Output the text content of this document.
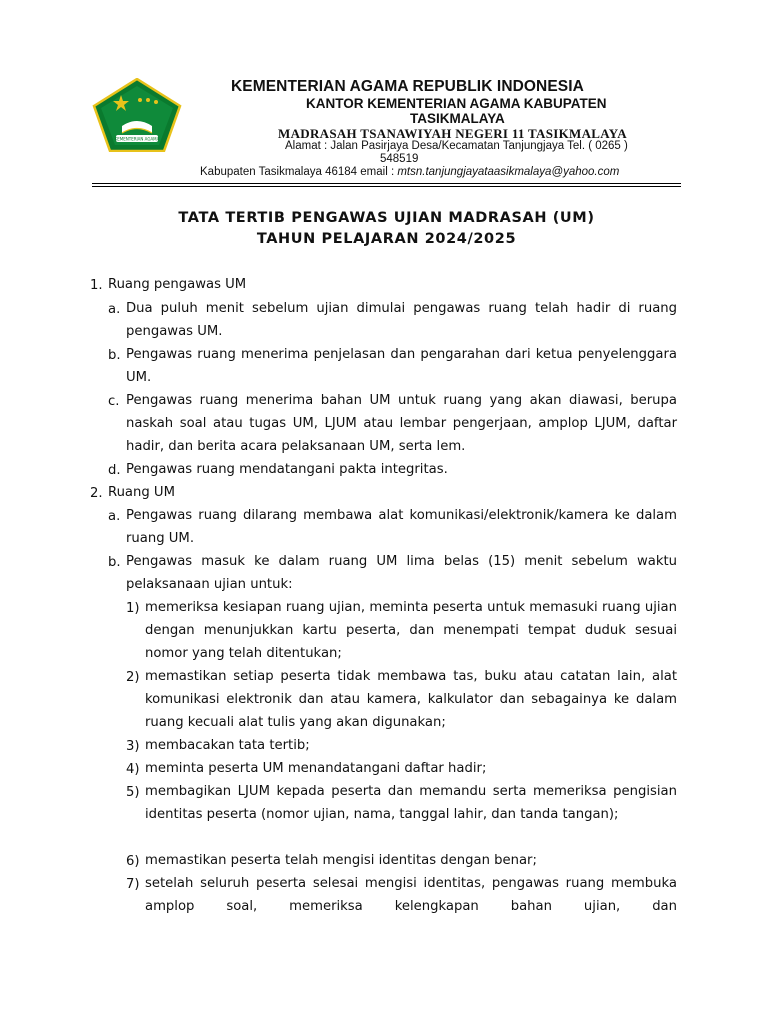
KEMENTERIAN AGAMA
KEMENTERIAN AGAMA REPUBLIK INDONESIA
KANTOR KEMENTERIAN AGAMA KABUPATEN
TASIKMALAYA
MADRASAH TSANAWIYAH NEGERI 11 TASIKMALAYA
Alamat : Jalan Pasirjaya Desa/Kecamatan Tanjungjaya Tel. ( 0265 )
548519
Kabupaten Tasikmalaya 46184 email : mtsn.tanjungjayataasikmalaya@yahoo.com
TATA TERTIB PENGAWAS UJIAN MADRASAH (UM)
TAHUN PELAJARAN 2024/2025
1. Ruang pengawas UM
a. Dua puluh menit sebelum ujian dimulai pengawas ruang telah hadir di ruang pengawas UM.
b. Pengawas ruang menerima penjelasan dan pengarahan dari ketua penyelenggara UM.
c. Pengawas ruang menerima bahan UM untuk ruang yang akan diawasi, berupa naskah soal atau tugas UM, LJUM atau lembar pengerjaan, amplop LJUM, daftar hadir, dan berita acara pelaksanaan UM, serta lem.
d. Pengawas ruang mendatangani pakta integritas.
2. Ruang UM
a. Pengawas ruang dilarang membawa alat komunikasi/elektronik/kamera ke dalam ruang UM.
b. Pengawas masuk ke dalam ruang UM lima belas (15) menit sebelum waktu pelaksanaan ujian untuk:
1) memeriksa kesiapan ruang ujian, meminta peserta untuk memasuki ruang ujian dengan menunjukkan kartu peserta, dan menempati tempat duduk sesuai nomor yang telah ditentukan;
2) memastikan setiap peserta tidak membawa tas, buku atau catatan lain, alat komunikasi elektronik dan atau kamera, kalkulator dan sebagainya ke dalam ruang kecuali alat tulis yang akan digunakan;
3) membacakan tata tertib;
4) meminta peserta UM menandatangani daftar hadir;
5) membagikan LJUM kepada peserta dan memandu serta memeriksa pengisian identitas peserta (nomor ujian, nama, tanggal lahir, dan tanda tangan);
6) memastikan peserta telah mengisi identitas dengan benar;
7) setelah seluruh peserta selesai mengisi identitas, pengawas ruang membuka amplop soal, memeriksa kelengkapan bahan ujian, dan
